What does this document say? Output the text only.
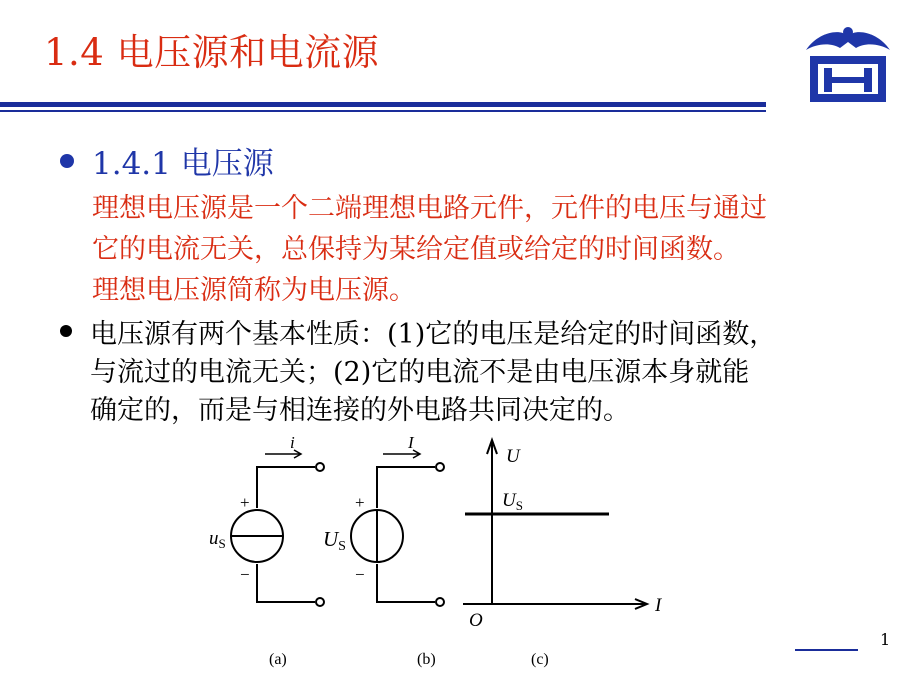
1.4 电压源和电流源
1.4.1 电压源
理想电压源是一个二端理想电路元件，元件的电压与通过
它的电流无关，总保持为某给定值或给定的时间函数。
理想电压源简称为电压源。
电压源有两个基本性质：(1)它的电压是给定的时间函数，
与流过的电流无关；(2)它的电流不是由电压源本身就能
确定的，而是与相连接的外电路共同决定的。
i
+
−
$u_S$
(a)
I
+
−
US
(b)
U
$U_S$
I
O
(c)
1
